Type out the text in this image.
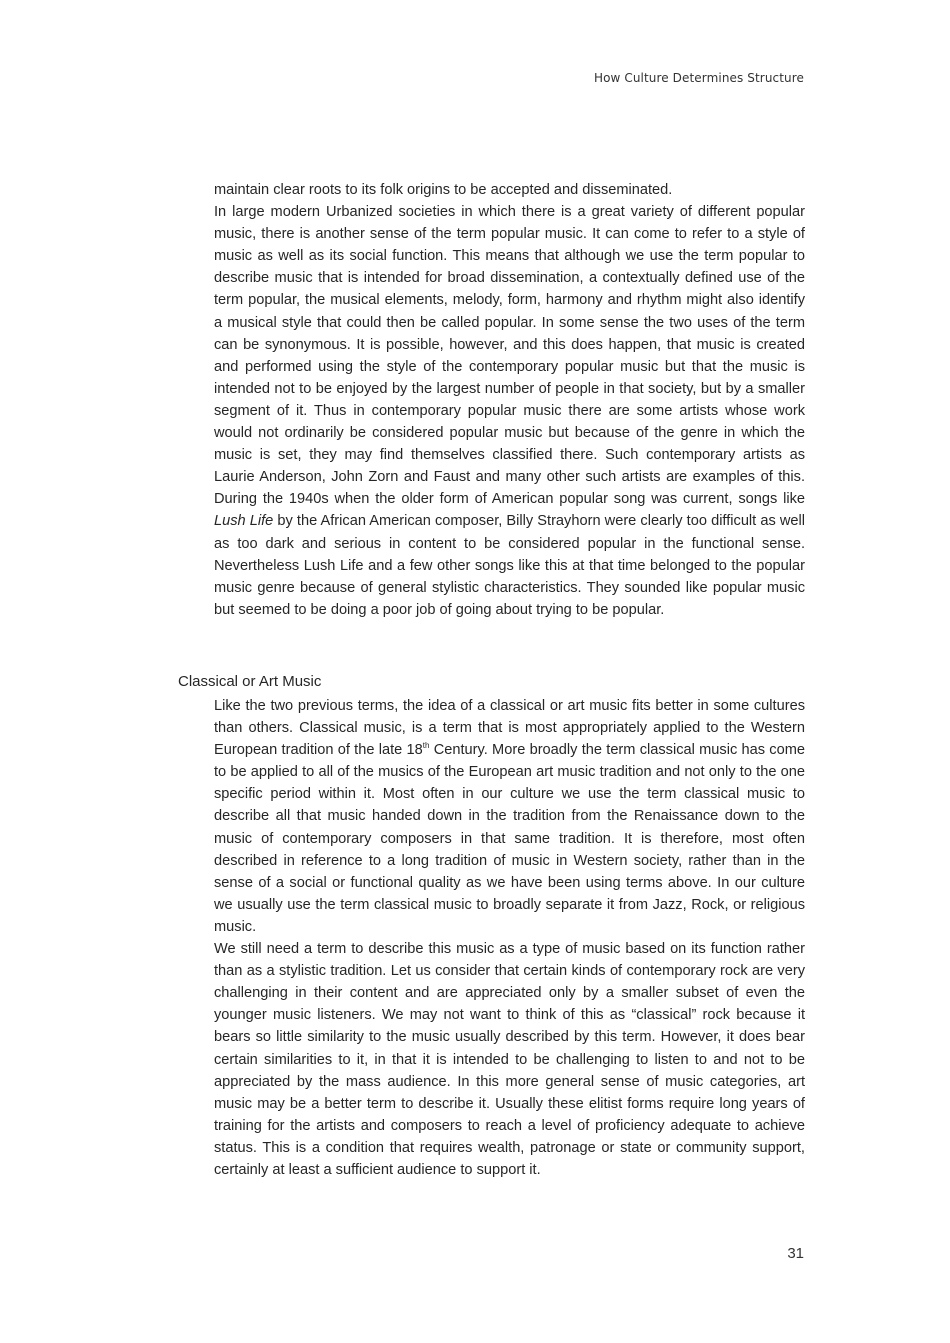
How Culture Determines Structure

maintain clear roots to its folk origins to be accepted and disseminated.

In large modern Urbanized societies in which there is a great variety of different popular music, there is another sense of the term popular music. It can come to refer to a style of music as well as its social function. This means that although we use the term popular to describe music that is intended for broad dissemination, a contextually defined use of the term popular, the musical elements, melody, form, harmony and rhythm might also identify a musical style that could then be called popular. In some sense the two uses of the term can be synonymous. It is possible, however, and this does happen, that music is created and performed using the style of the contemporary popular music but that the music is intended not to be enjoyed by the largest number of people in that society, but by a smaller segment of it. Thus in contemporary popular music there are some artists whose work would not ordinarily be considered popular music but because of the genre in which the music is set, they may find themselves classified there. Such contemporary artists as Laurie Anderson, John Zorn and Faust and many other such artists are examples of this. During the 1940s when the older form of American popular song was current, songs like Lush Life by the African American composer, Billy Strayhorn were clearly too difficult as well as too dark and serious in content to be considered popular in the functional sense. Nevertheless Lush Life and a few other songs like this at that time belonged to the popular music genre because of general stylistic characteristics. They sounded like popular music but seemed to be doing a poor job of going about trying to be popular.

Classical or Art Music

Like the two previous terms, the idea of a classical or art music fits better in some cultures than others. Classical music, is a term that is most appropriately applied to the Western European tradition of the late 18th Century. More broadly the term classical music has come to be applied to all of the musics of the European art music tradition and not only to the one specific period within it. Most often in our culture we use the term classical music to describe all that music handed down in the tradition from the Renaissance down to the music of contemporary composers in that same tradition. It is therefore, most often described in reference to a long tradition of music in Western society, rather than in the sense of a social or functional quality as we have been using terms above. In our culture we usually use the term classical music to broadly separate it from Jazz, Rock, or religious music.

We still need a term to describe this music as a type of music based on its function rather than as a stylistic tradition. Let us consider that certain kinds of contemporary rock are very challenging in their content and are appreciated only by a smaller subset of even the younger music listeners. We may not want to think of this as “classical” rock because it bears so little similarity to the music usually described by this term. However, it does bear certain similarities to it, in that it is intended to be challenging to listen to and not to be appreciated by the mass audience. In this more general sense of music categories, art music may be a better term to describe it. Usually these elitist forms require long years of training for the artists and composers to reach a level of proficiency adequate to achieve status. This is a condition that requires wealth, patronage or state or community support, certainly at least a sufficient audience to support it.

31
